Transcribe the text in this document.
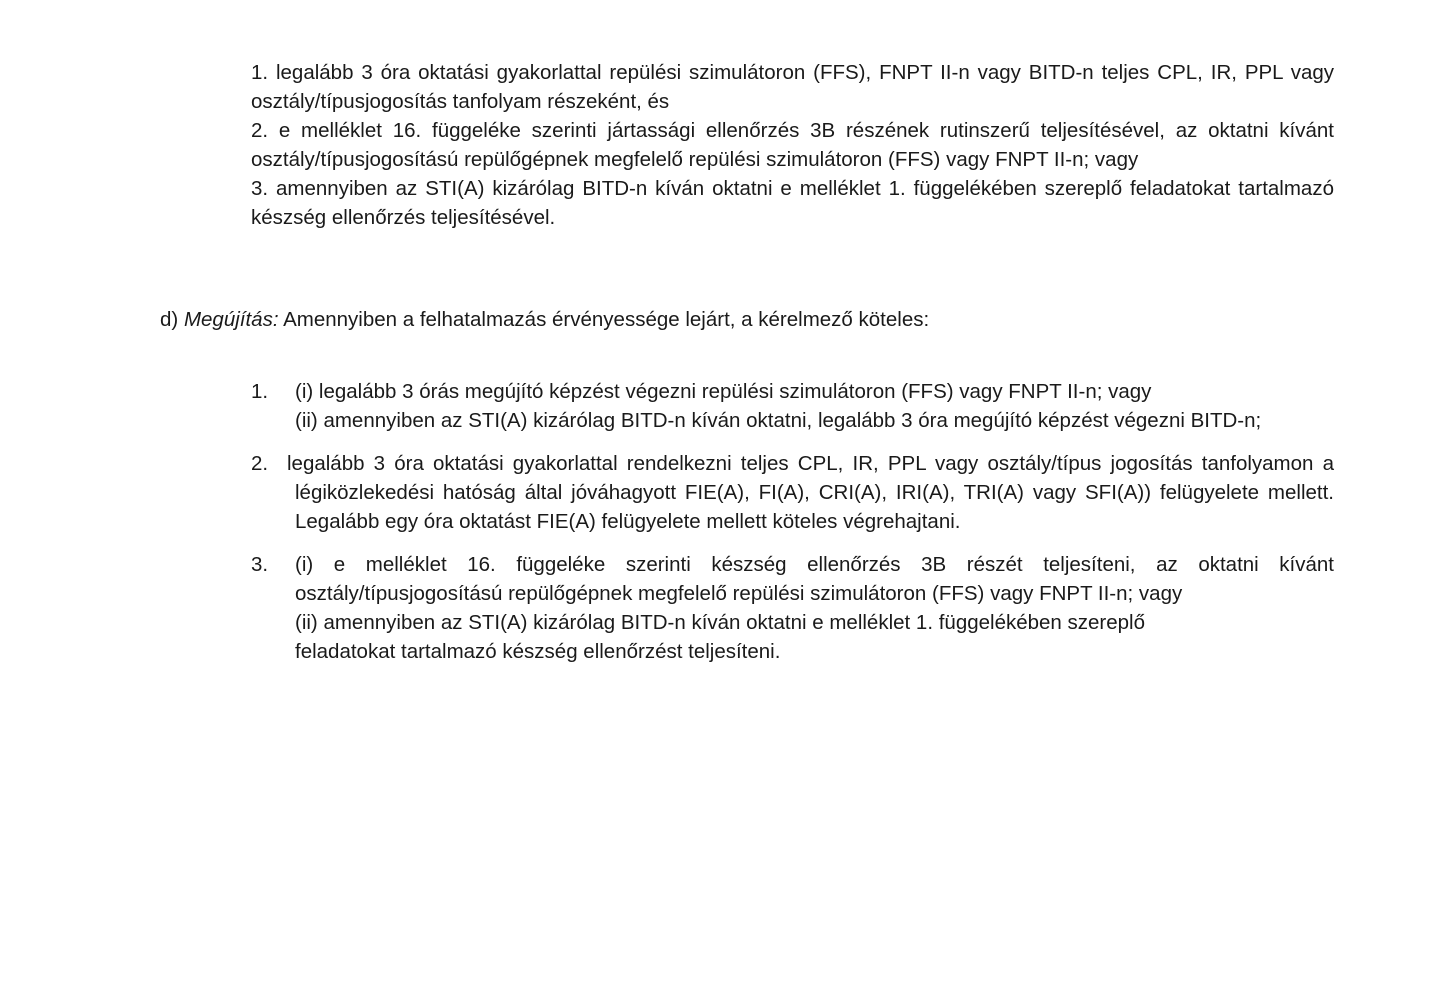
1. legalább 3 óra oktatási gyakorlattal repülési szimulátoron (FFS), FNPT II-n vagy BITD-n teljes CPL, IR, PPL vagy osztály/típusjogosítás tanfolyam részeként, és

2. e melléklet 16. függeléke szerinti jártassági ellenőrzés 3B részének rutinszerű teljesítésével, az oktatni kívánt osztály/típusjogosítású repülőgépnek megfelelő repülési szimulátoron (FFS) vagy FNPT II-n; vagy

3. amennyiben az STI(A) kizárólag BITD-n kíván oktatni e melléklet 1. függelékében szereplő feladatokat tartalmazó készség ellenőrzés teljesítésével.

d) Megújítás: Amennyiben a felhatalmazás érvényessége lejárt, a kérelmező köteles:
1. (i) legalább 3 órás megújító képzést végezni repülési szimulátoron (FFS) vagy FNPT II-n; vagy

(ii) amennyiben az STI(A) kizárólag BITD-n kíván oktatni, legalább 3 óra megújító képzést végezni BITD-n;

2. legalább 3 óra oktatási gyakorlattal rendelkezni teljes CPL, IR, PPL vagy osztály/típus jogosítás tanfolyamon a légiközlekedési hatóság által jóváhagyott FIE(A), FI(A), CRI(A), IRI(A), TRI(A) vagy SFI(A)) felügyelete mellett. Legalább egy óra oktatást FIE(A) felügyelete mellett köteles végrehajtani.

3. (i) e melléklet 16. függeléke szerinti készség ellenőrzés 3B részét teljesíteni, az oktatni kívánt osztály/típusjogosítású repülőgépnek megfelelő repülési szimulátoron (FFS) vagy FNPT II-n; vagy

(ii) amennyiben az STI(A) kizárólag BITD-n kíván oktatni e melléklet 1. függelékében szereplő feladatokat tartalmazó készség ellenőrzést teljesíteni.
